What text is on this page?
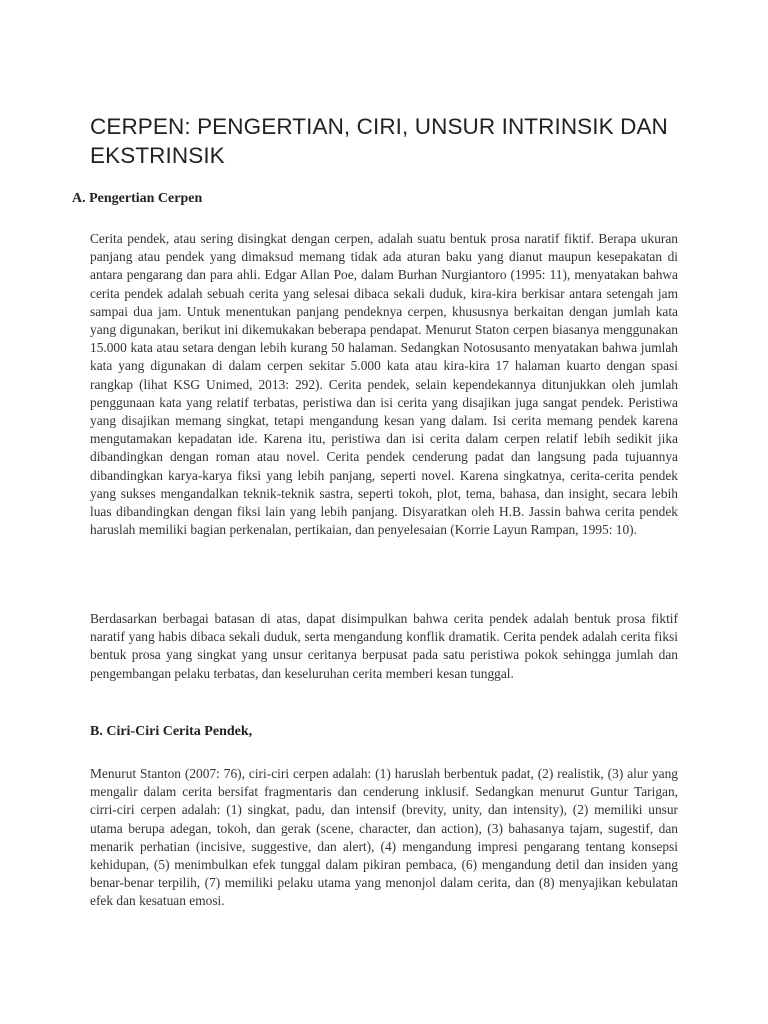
CERPEN: PENGERTIAN, CIRI, UNSUR INTRINSIK DAN EKSTRINSIK
A. Pengertian Cerpen

Cerita pendek, atau sering disingkat dengan cerpen, adalah suatu bentuk prosa naratif fiktif. Berapa ukuran panjang atau pendek yang dimaksud memang tidak ada aturan baku yang dianut maupun kesepakatan di antara pengarang dan para ahli. Edgar Allan Poe, dalam Burhan Nurgiantoro (1995: 11), menyatakan bahwa cerita pendek adalah sebuah cerita yang selesai dibaca sekali duduk, kira-kira berkisar antara setengah jam sampai dua jam. Untuk menentukan panjang pendeknya cerpen, khususnya berkaitan dengan jumlah kata yang digunakan, berikut ini dikemukakan beberapa pendapat. Menurut Staton cerpen biasanya menggunakan 15.000 kata atau setara dengan lebih kurang 50 halaman. Sedangkan Notosusanto menyatakan bahwa jumlah kata yang digunakan di dalam cerpen sekitar 5.000 kata atau kira-kira 17 halaman kuarto dengan spasi rangkap (lihat KSG Unimed, 2013: 292). Cerita pendek, selain kependekannya ditunjukkan oleh jumlah penggunaan kata yang relatif terbatas, peristiwa dan isi cerita yang disajikan juga sangat pendek. Peristiwa yang disajikan memang singkat, tetapi mengandung kesan yang dalam. Isi cerita memang pendek karena mengutamakan kepadatan ide. Karena itu, peristiwa dan isi cerita dalam cerpen relatif lebih sedikit jika dibandingkan dengan roman atau novel. Cerita pendek cenderung padat dan langsung pada tujuannya dibandingkan karya-karya fiksi yang lebih panjang, seperti novel. Karena singkatnya, cerita-cerita pendek yang sukses mengandalkan teknik-teknik sastra, seperti tokoh, plot, tema, bahasa, dan insight, secara lebih luas dibandingkan dengan fiksi lain yang lebih panjang. Disyaratkan oleh H.B. Jassin bahwa cerita pendek haruslah memiliki bagian perkenalan, pertikaian, dan penyelesaian (Korrie Layun Rampan, 1995: 10).

Berdasarkan berbagai batasan di atas, dapat disimpulkan bahwa cerita pendek adalah bentuk prosa fiktif naratif yang habis dibaca sekali duduk, serta mengandung konflik dramatik. Cerita pendek adalah cerita fiksi bentuk prosa yang singkat yang unsur ceritanya berpusat pada satu peristiwa pokok sehingga jumlah dan pengembangan pelaku terbatas, dan keseluruhan cerita memberi kesan tunggal.

B. Ciri-Ciri Cerita Pendek,

Menurut Stanton (2007: 76), ciri-ciri cerpen adalah: (1) haruslah berbentuk padat, (2) realistik, (3) alur yang mengalir dalam cerita bersifat fragmentaris dan cenderung inklusif. Sedangkan menurut Guntur Tarigan, cirri-ciri cerpen adalah: (1) singkat, padu, dan intensif (brevity, unity, dan intensity), (2) memiliki unsur utama berupa adegan, tokoh, dan gerak (scene, character, dan action), (3) bahasanya tajam, sugestif, dan menarik perhatian (incisive, suggestive, dan alert), (4) mengandung impresi pengarang tentang konsepsi kehidupan, (5) menimbulkan efek tunggal dalam pikiran pembaca, (6) mengandung detil dan insiden yang benar-benar terpilih, (7) memiliki pelaku utama yang menonjol dalam cerita, dan (8) menyajikan kebulatan efek dan kesatuan emosi.
